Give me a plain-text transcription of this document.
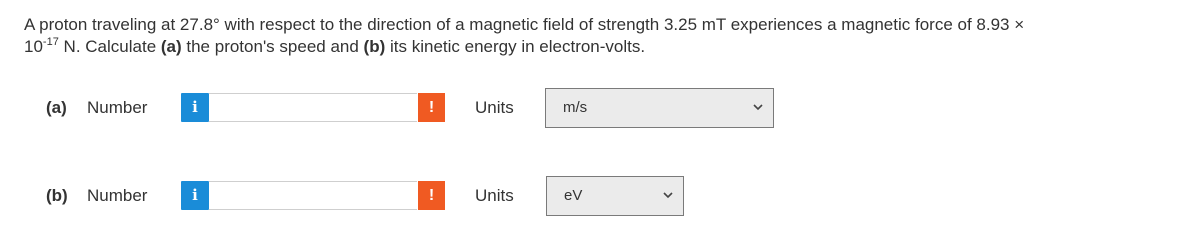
A proton traveling at 27.8° with respect to the direction of a magnetic field of strength 3.25 mT experiences a magnetic force of 8.93 ×
$10^{-17}$ N. Calculate (a) the proton's speed and (b) its kinetic energy in electron-volts.
(a) Number	i	!	Units	m/s
(b) Number	i	!	Units	eV
